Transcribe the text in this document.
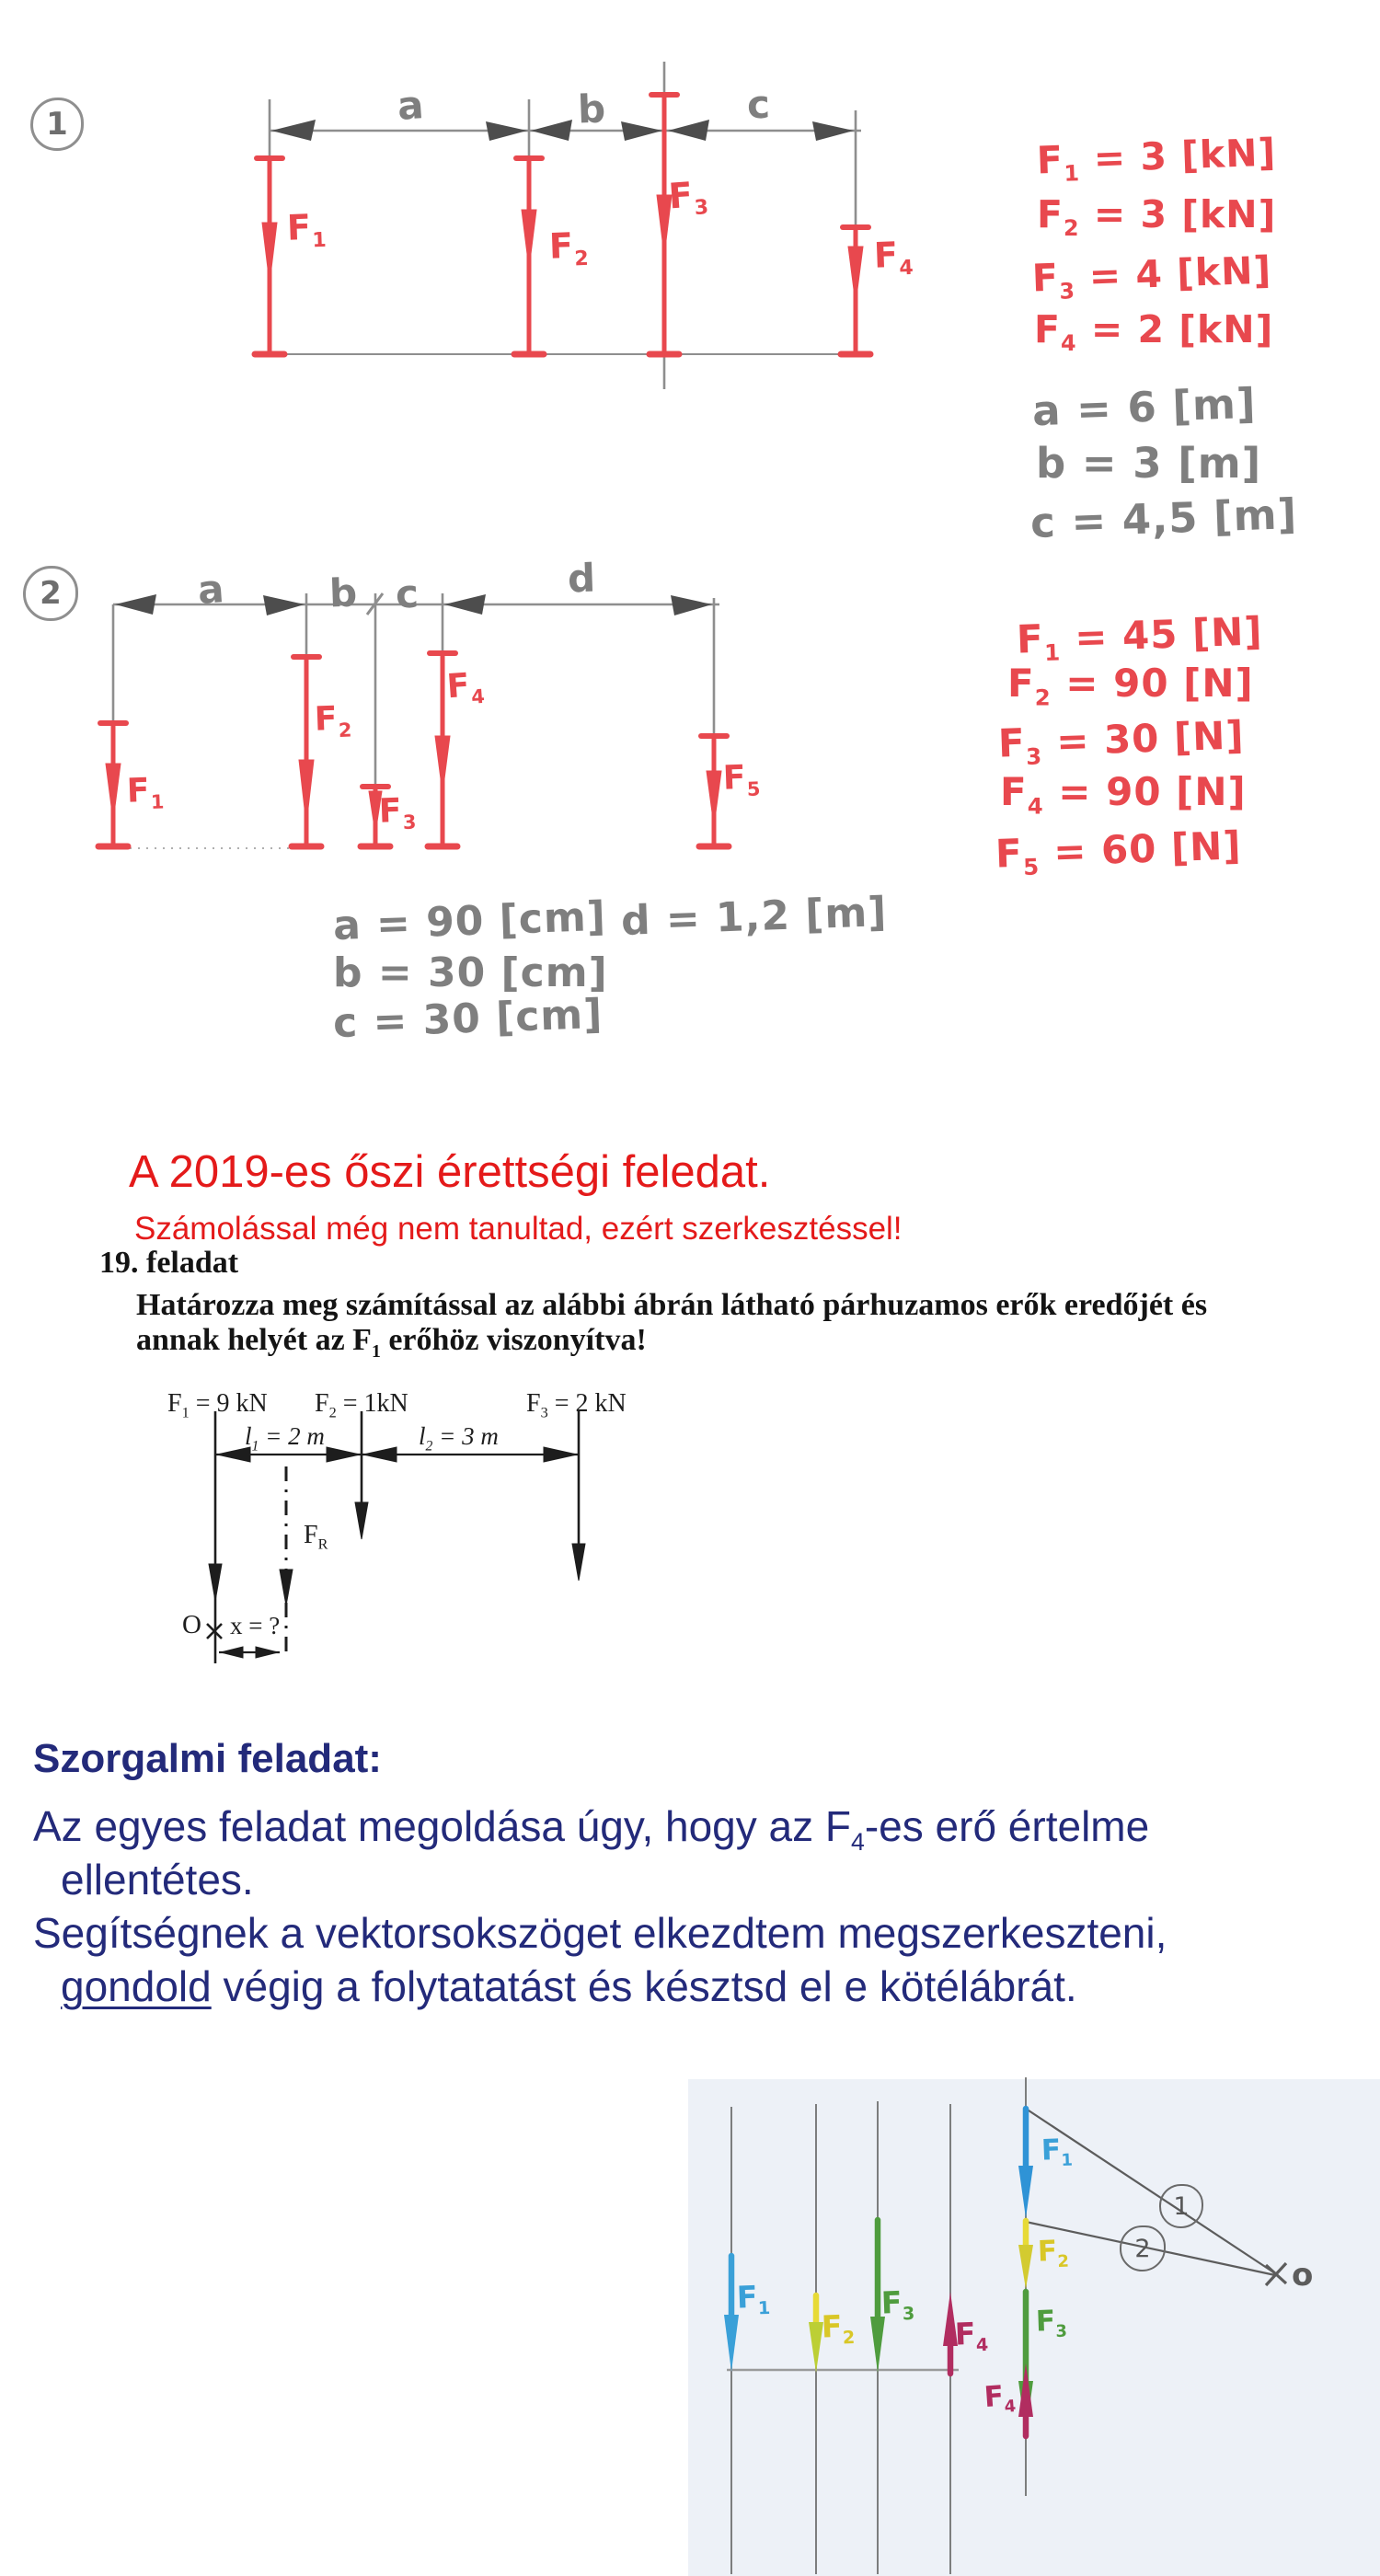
1	a	b	c
$F_1$	$F_2$
$F_3$
$F_4$
$F_1 = 3$ [kN]
$F_2 = 3$ [kN]
$F_3 = 4$ [kN]
$F_4 = 2$ [kN]
a = 6 [m]
b = 3 [m]
c = 4,5 [m]
2	a	b c	d
$F_1$
$F_2$
$F_3$
$F_4$
$F_5$
$F_1 = 45$ [N]
$F_2 = 90$ [N]
$F_3 = 30$ [N]
$F_4 = 90$ [N]
$F_5 = 60$ [N]
a = 90 [cm]
b = 30 [cm]
c = 30 [cm]
d = 1,2 [m]
A 2019-es őszi érettségi feledat.
Számolással még nem tanultad, ezért szerkesztéssel!
19. feladat
Határozza meg számítással az alábbi ábrán látható párhuzamos erők eredőjét és
annak helyét az $F_1$ erőhöz viszonyítva!
$F_1 = 9$ kN $F_2 = 1kN$	$F_3 = 2$ kN
$l_1 = 2$ m	$l_2 = 3$ m
$F_R$
O x = ?
Szorgalmi feladat:
Az egyes feladat megoldása úgy, hogy az $F_4-es$ erő értelme
ellentétes.
Segítségnek a vektorsokszöget elkezdtem megszerkeszteni,
gondold végig a folytatatást és késztsd el e kötélábrát.
$F_1$
$F_2$
$F_3$
$F_4$
$F_1$
$F_2$
$F_3$
$F_4$
1
2
o
